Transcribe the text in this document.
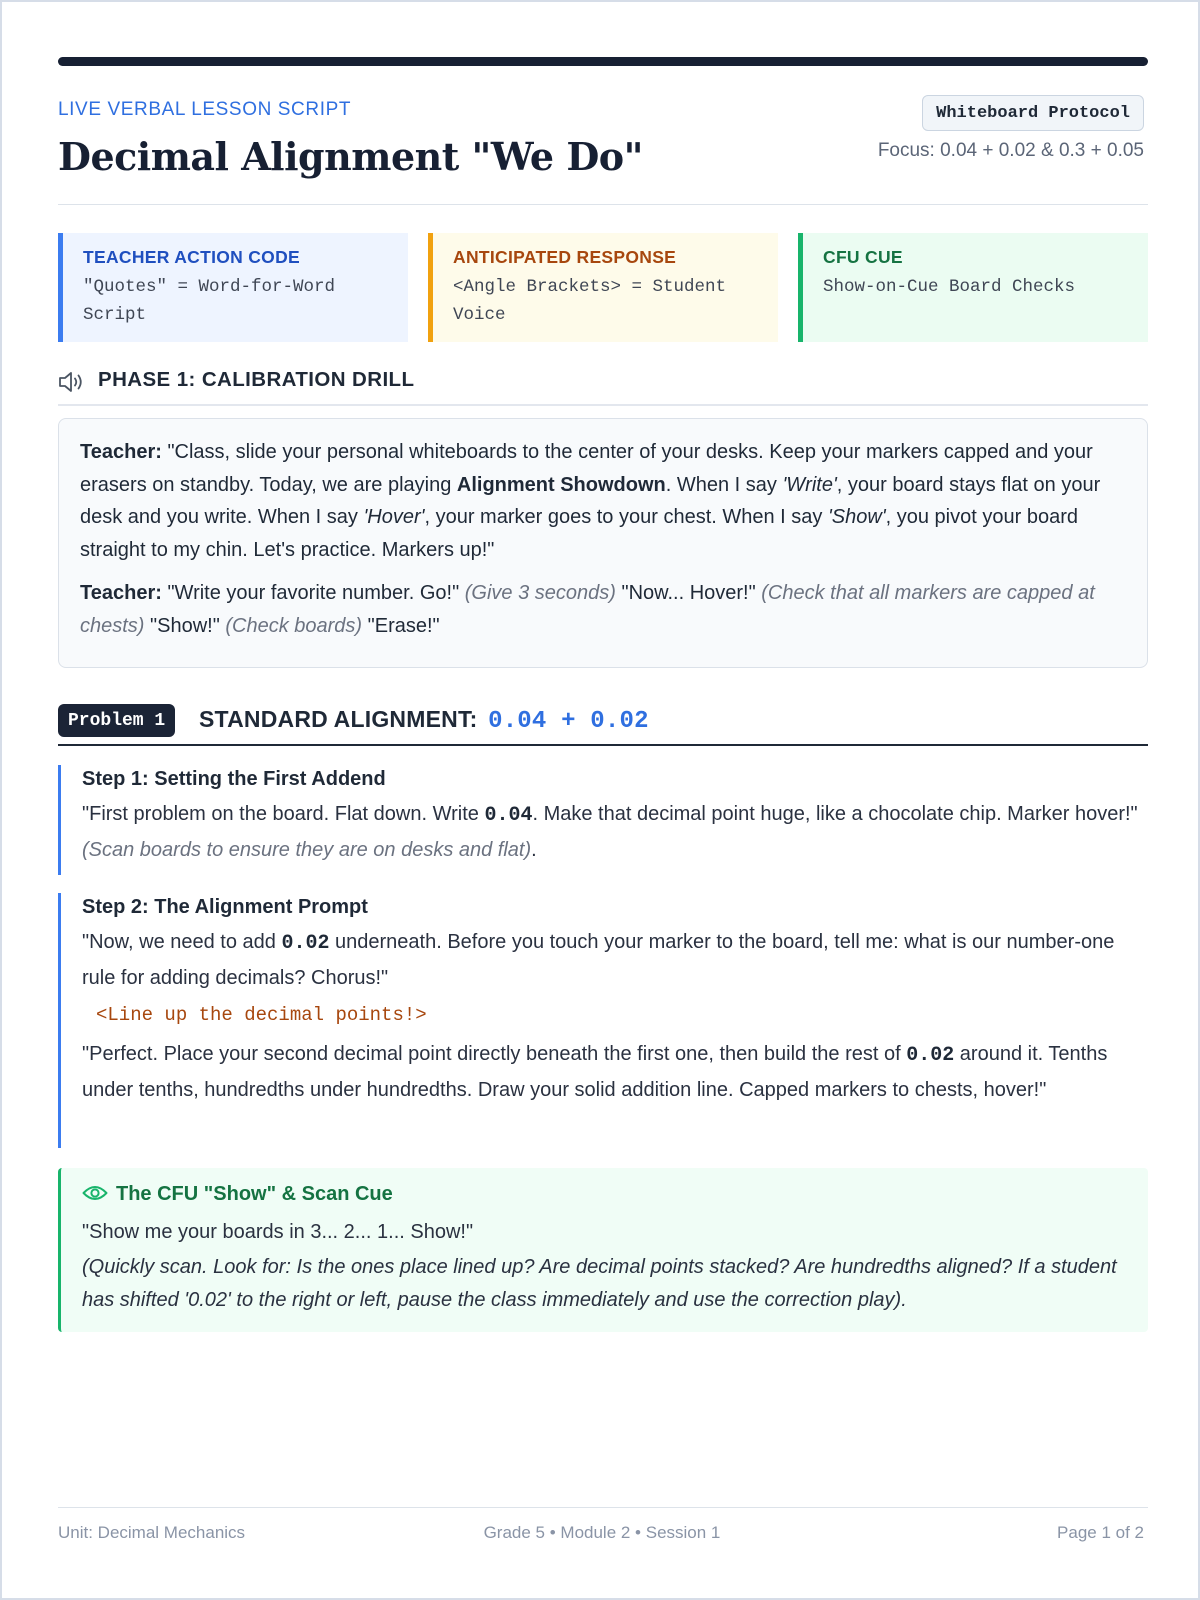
LIVE VERBAL LESSON SCRIPT
Decimal Alignment "We Do"
Whiteboard Protocol
Focus: 0.04 + 0.02 & 0.3 + 0.05
TEACHER ACTION CODE
"Quotes" = Word-for-Word Script
ANTICIPATED RESPONSE
<Angle Brackets> = Student Voice
CFU CUE
Show-on-Cue Board Checks
PHASE 1: CALIBRATION DRILL

Teacher: "Class, slide your personal whiteboards to the center of your desks. Keep your markers capped and your erasers on standby. Today, we are playing Alignment Showdown. When I say 'Write', your board stays flat on your desk and you write. When I say 'Hover', your marker goes to your chest. When I say 'Show', you pivot your board straight to my chin. Let's practice. Markers up!"

Teacher: "Write your favorite number. Go!" (Give 3 seconds) "Now... Hover!" (Check that all markers are capped at chests) "Show!" (Check boards) "Erase!"

Problem 1	STANDARD ALIGNMENT: 0.04 + 0.02

Step 1: Setting the First Addend

"First problem on the board. Flat down. Write 0.04. Make that decimal point huge, like a chocolate chip. Marker hover!" (Scan boards to ensure they are on desks and flat).

Step 2: The Alignment Prompt

"Now, we need to add 0.02 underneath. Before you touch your marker to the board, tell me: what is our number-one rule for adding decimals? Chorus!"

<Line up the decimal points!>

"Perfect. Place your second decimal point directly beneath the first one, then build the rest of 0.02 around it. Tenths under tenths, hundredths under hundredths. Draw your solid addition line. Capped markers to chests, hover!"

The CFU "Show" & Scan Cue

"Show me your boards in 3... 2... 1... Show!"

(Quickly scan. Look for: Is the ones place lined up? Are decimal points stacked? Are hundredths aligned? If a student has shifted '0.02' to the right or left, pause the class immediately and use the correction play).

Unit: Decimal Mechanics	Grade 5 • Module 2 • Session 1	Page 1 of 2
